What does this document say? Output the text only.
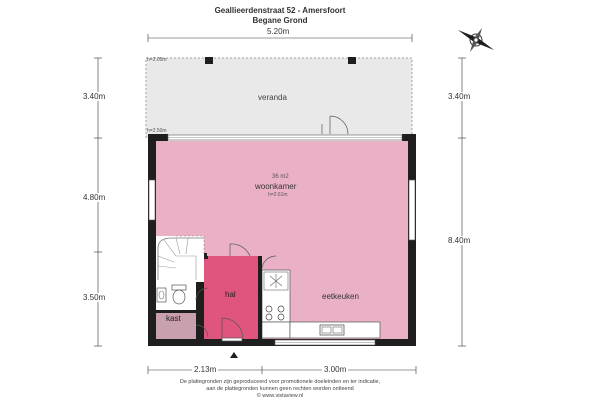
Geallieerdenstraat 52 - Amersfoort
Begane Grond
5.20m
3.40m
4.80m
3.50m
3.40m
8.40m
2.13m	3.00m
h=2.05m
h=2.50m
veranda
36 m2
woonkamer
h=2.61m
hal
kast
eetkeuken
De plattegronden zijn geproduceerd voor promotionele doeleinden en ter indicatie,
aan de plattegronden kunnen geen rechten worden ontleend
© www.vistaview.nl
